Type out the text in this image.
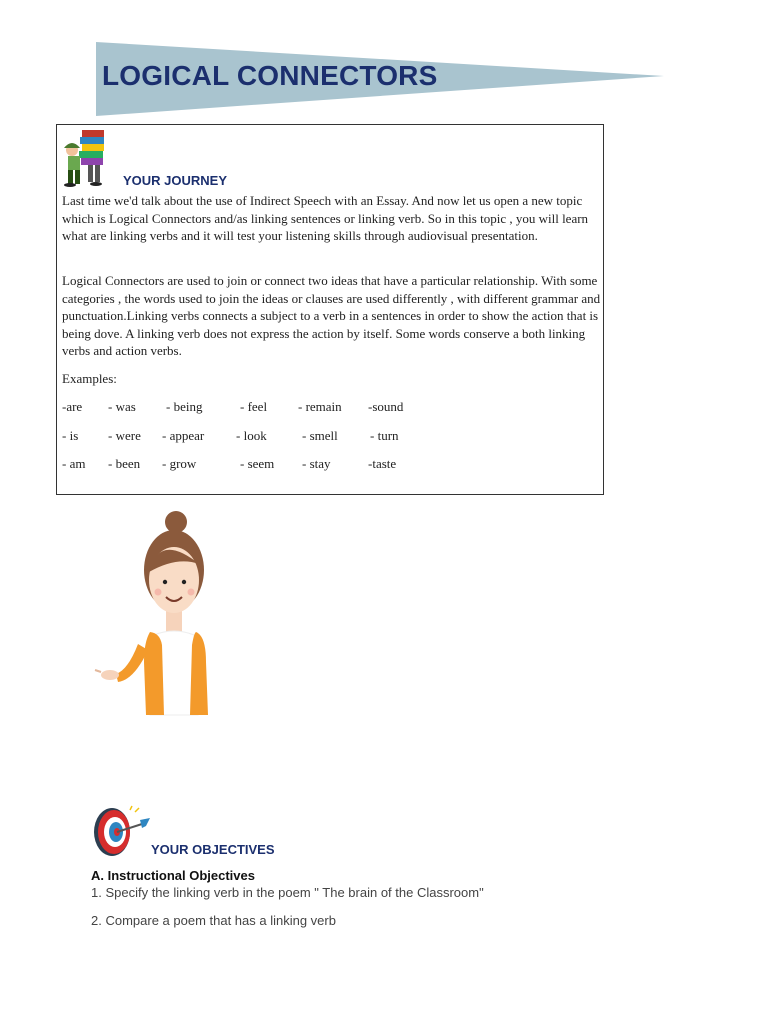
LOGICAL CONNECTORS
YOUR JOURNEY

Last time we'd talk about the use of Indirect Speech with an Essay. And now let us open a new topic which is Logical Connectors and/as linking sentences or linking verb. So in this topic , you will learn what are linking verbs and it will test your listening skills through audiovisual presentation.

Logical Connectors are used to join or connect two ideas that have a particular relationship. With some categories , the words used to join the ideas or clauses are used differently , with different grammar and punctuation.Linking verbs connects a subject to a verb in a sentences in order to show the action that is being dove. A linking verb does not express the action by itself. Some words conserve a both linking verbs and action verbs.

Examples:
-are - was - being	- feel - remain -sound
- is - were - appear - look	- smell - turn
- am - been - grow	- seem - stay	-taste
YOUR OBJECTIVES
A. Instructional Objectives
1. Specify the linking verb in the poem " The brain of the Classroom"
2. Compare a poem that has a linking verb
